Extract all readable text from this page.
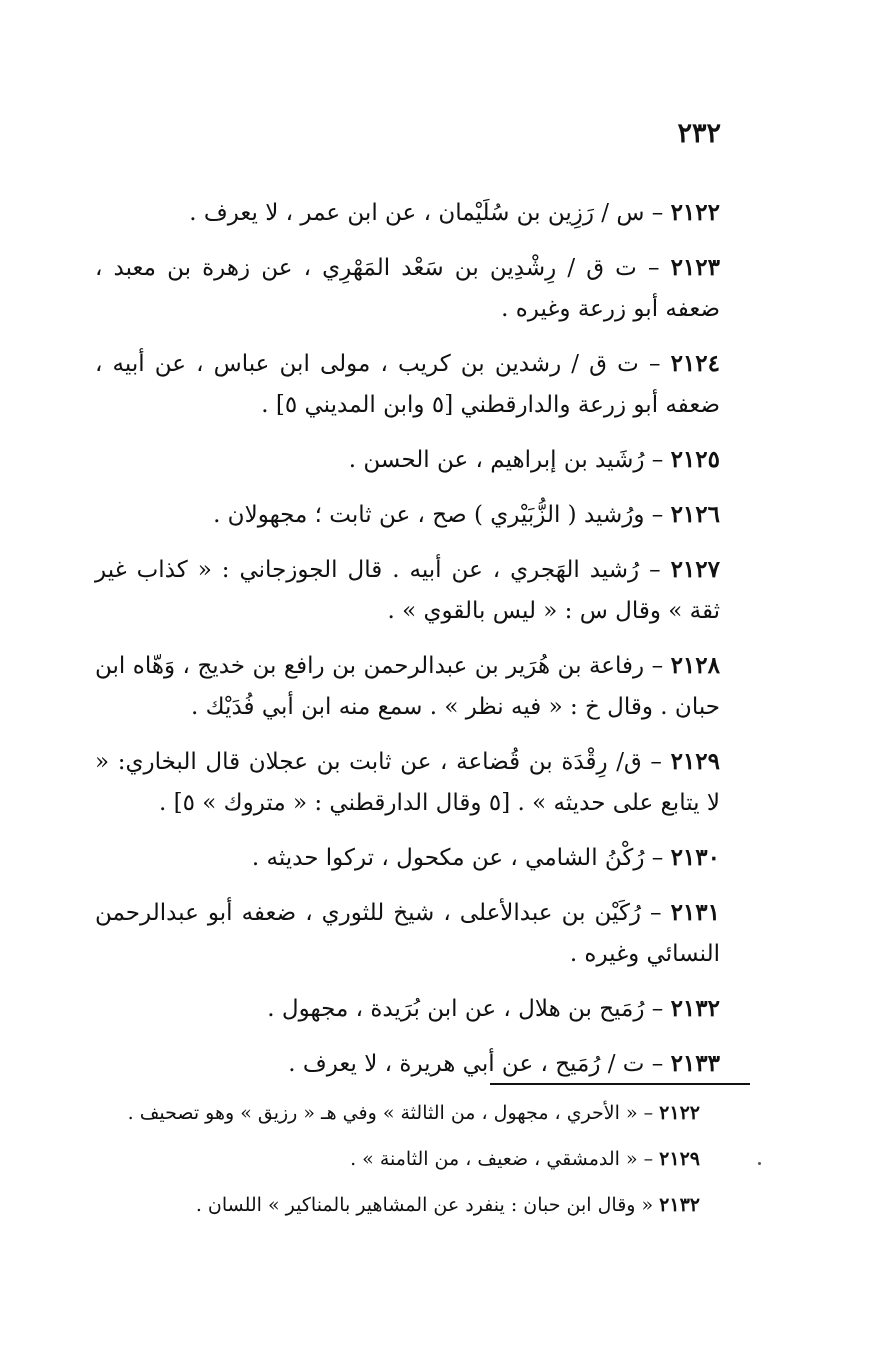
٢٣٢

٢١٢٢ – س / رَزِين بن سُلَيْمان ، عن ابن عمر ، لا يعرف .

٢١٢٣ – ت ق / رِشْدِين بن سَعْد المَهْرِي ، عن زهرة بن معبد ، ضعفه أبو زرعة وغيره .

٢١٢٤ – ت ق / رشدين بن كريب ، مولى ابن عباس ، عن أبيه ، ضعفه أبو زرعة والدارقطني [٥ وابن المديني ٥] .

٢١٢٥ – رُشَيد بن إبراهيم ، عن الحسن .

٢١٢٦ – ورُشيد ( الزُّبَيْري ) صح ، عن ثابت ؛ مجهولان .

٢١٢٧ – رُشيد الهَجري ، عن أبيه . قال الجوزجاني : « كذاب غير ثقة » وقال س : « ليس بالقوي » .

٢١٢٨ – رفاعة بن هُرَير بن عبدالرحمن بن رافع بن خديج ، وَهّاه ابن حبان . وقال خ : « فيه نظر » . سمع منه ابن أبي فُدَيْك .

٢١٢٩ – ق/ رِقْدَة بن قُضاعة ، عن ثابت بن عجلان قال البخاري: « لا يتابع على حديثه » . [٥ وقال الدارقطني : « متروك » ٥] .

٢١٣٠ – رُكْنُ الشامي ، عن مكحول ، تركوا حديثه .

٢١٣١ – رُكَيْن بن عبدالأعلى ، شيخ للثوري ، ضعفه أبو عبدالرحمن النسائي وغيره .

٢١٣٢ – رُمَيح بن هلال ، عن ابن بُرَيدة ، مجهول .

٢١٣٣ – ت / رُمَيح ، عن أبي هريرة ، لا يعرف .

٢١٢٢ – « الأحري ، مجهول ، من الثالثة » وفي هـ « رزيق » وهو تصحيف .
٢١٢٩ – « الدمشقي ، ضعيف ، من الثامنة » .
٢١٣٢ « وقال ابن حبان : ينفرد عن المشاهير بالمناكير » اللسان .
